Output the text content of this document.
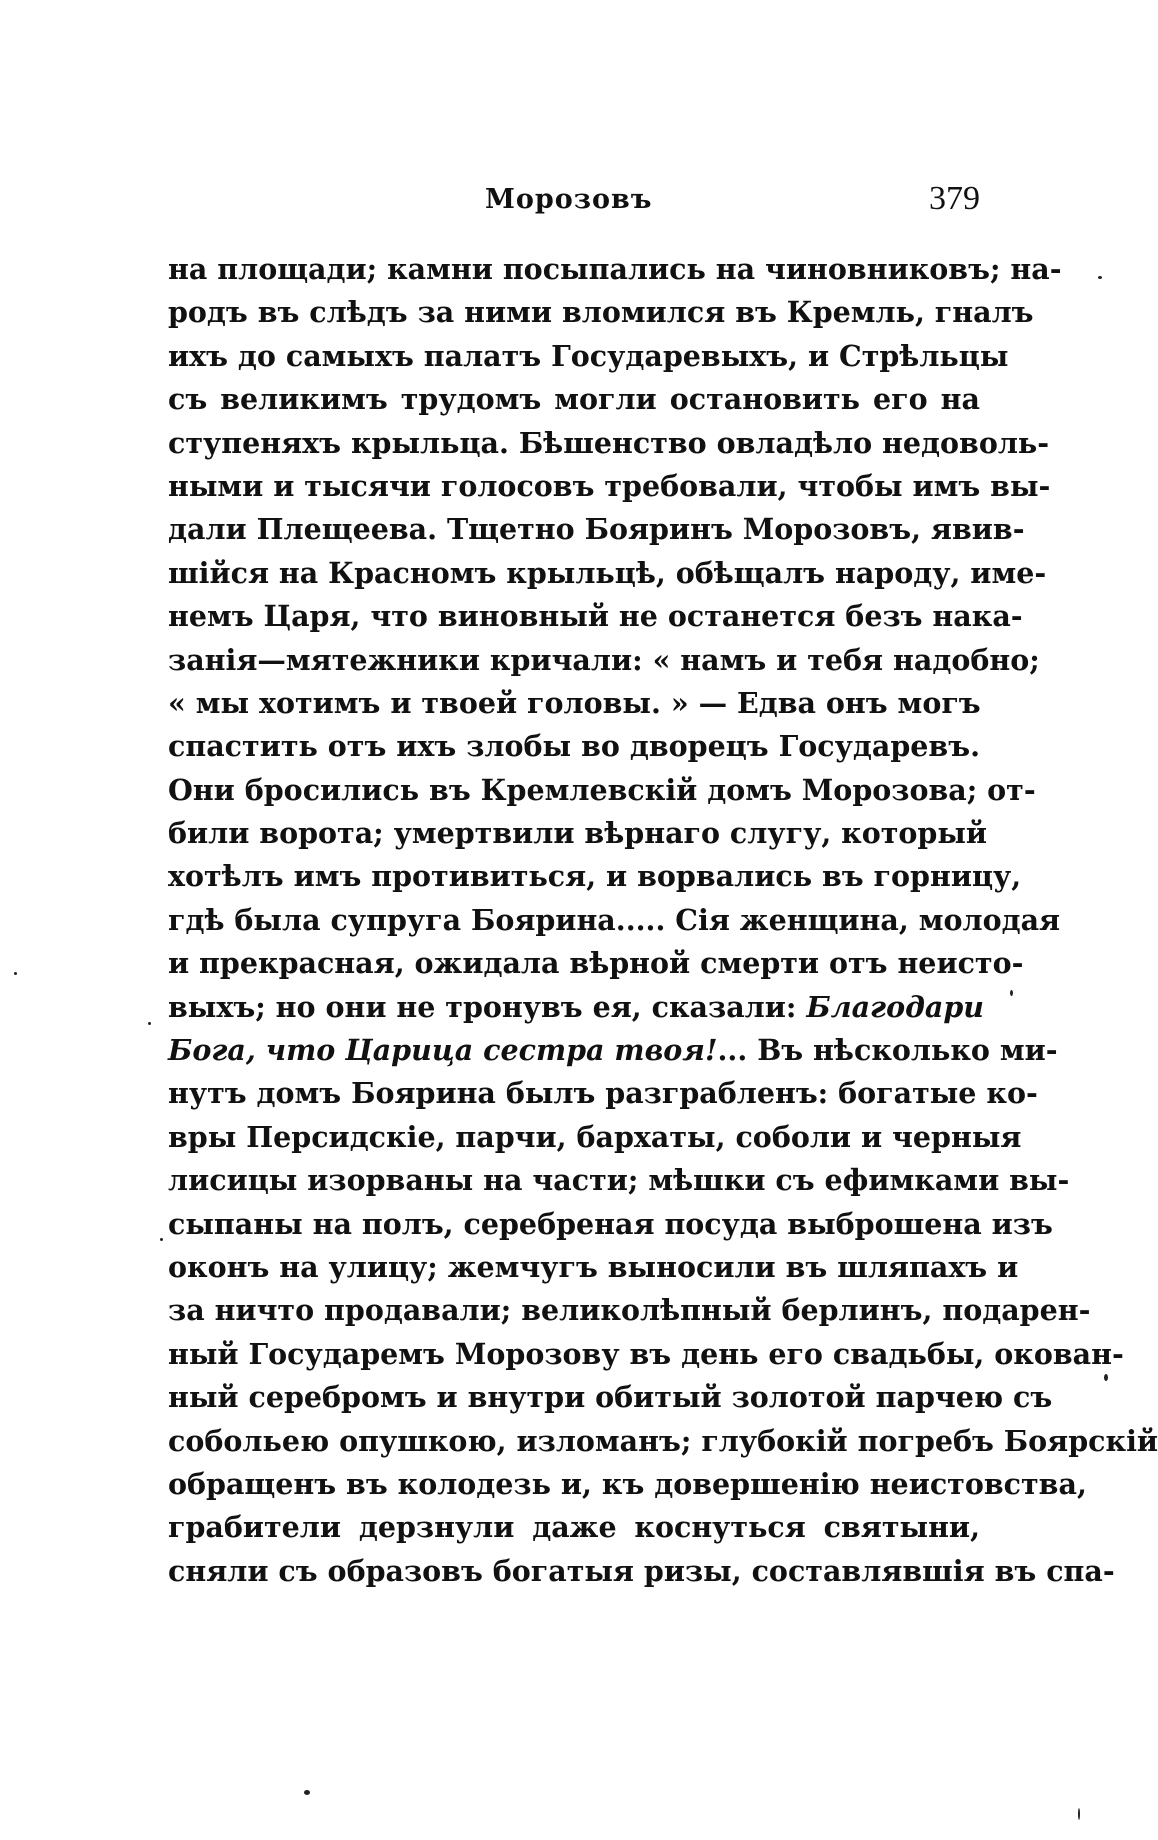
Морозовъ	379
на площади; камни посыпались на чиновниковъ; на-
родъ въ слѣдъ за ними вломился въ Кремль, гналъ
ихъ до самыхъ палатъ Государевыхъ, и Стрѣльцы
съ великимъ трудомъ могли остановить его на
ступеняхъ крыльца. Бѣшенство овладѣло недоволь-
ными и тысячи голосовъ требовали, чтобы имъ вы-
дали Плещеева. Тщетно Бояринъ Морозовъ, явив-
шійся на Красномъ крыльцѣ, обѣщалъ народу, име-
немъ Царя, что виновный не останется безъ нака-
занія—мятежники кричали: « намъ и тебя надобно;
« мы хотимъ и твоей головы. » — Едва онъ могъ
спастить отъ ихъ злобы во дворецъ Государевъ.
Они бросились въ Кремлевскій домъ Морозова; от-
били ворота; умертвили вѣрнаго слугу, который
хотѣлъ имъ противиться, и ворвались въ горницу,
гдѣ была супруга Боярина..... Сія женщина, молодая
и прекрасная, ожидала вѣрной смерти отъ неисто-
выхъ; но они не тронувъ ея, сказали: Благодари
Бога, что Царица сестра твоя!... Въ нѣсколько ми-
нутъ домъ Боярина былъ разграбленъ: богатые ко-
вры Персидскіе, парчи, бархаты, соболи и черныя
лисицы изорваны на части; мѣшки съ ефимками вы-
сыпаны на полъ, серебреная посуда выброшена изъ
оконъ на улицу; жемчугъ выносили въ шляпахъ и
за ничто продавали; великолѣпный берлинъ, подарен-
ный Государемъ Морозову въ день его свадьбы, окован-
ный серебромъ и внутри обитый золотой парчею съ
собольею опушкою, изломанъ; глубокій погребъ Боярскій
обращенъ въ колодезь и, къ довершенію неистовства,
грабители дерзнули даже коснуться святыни,
сняли съ образовъ богатыя ризы, составлявшія въ спа-
